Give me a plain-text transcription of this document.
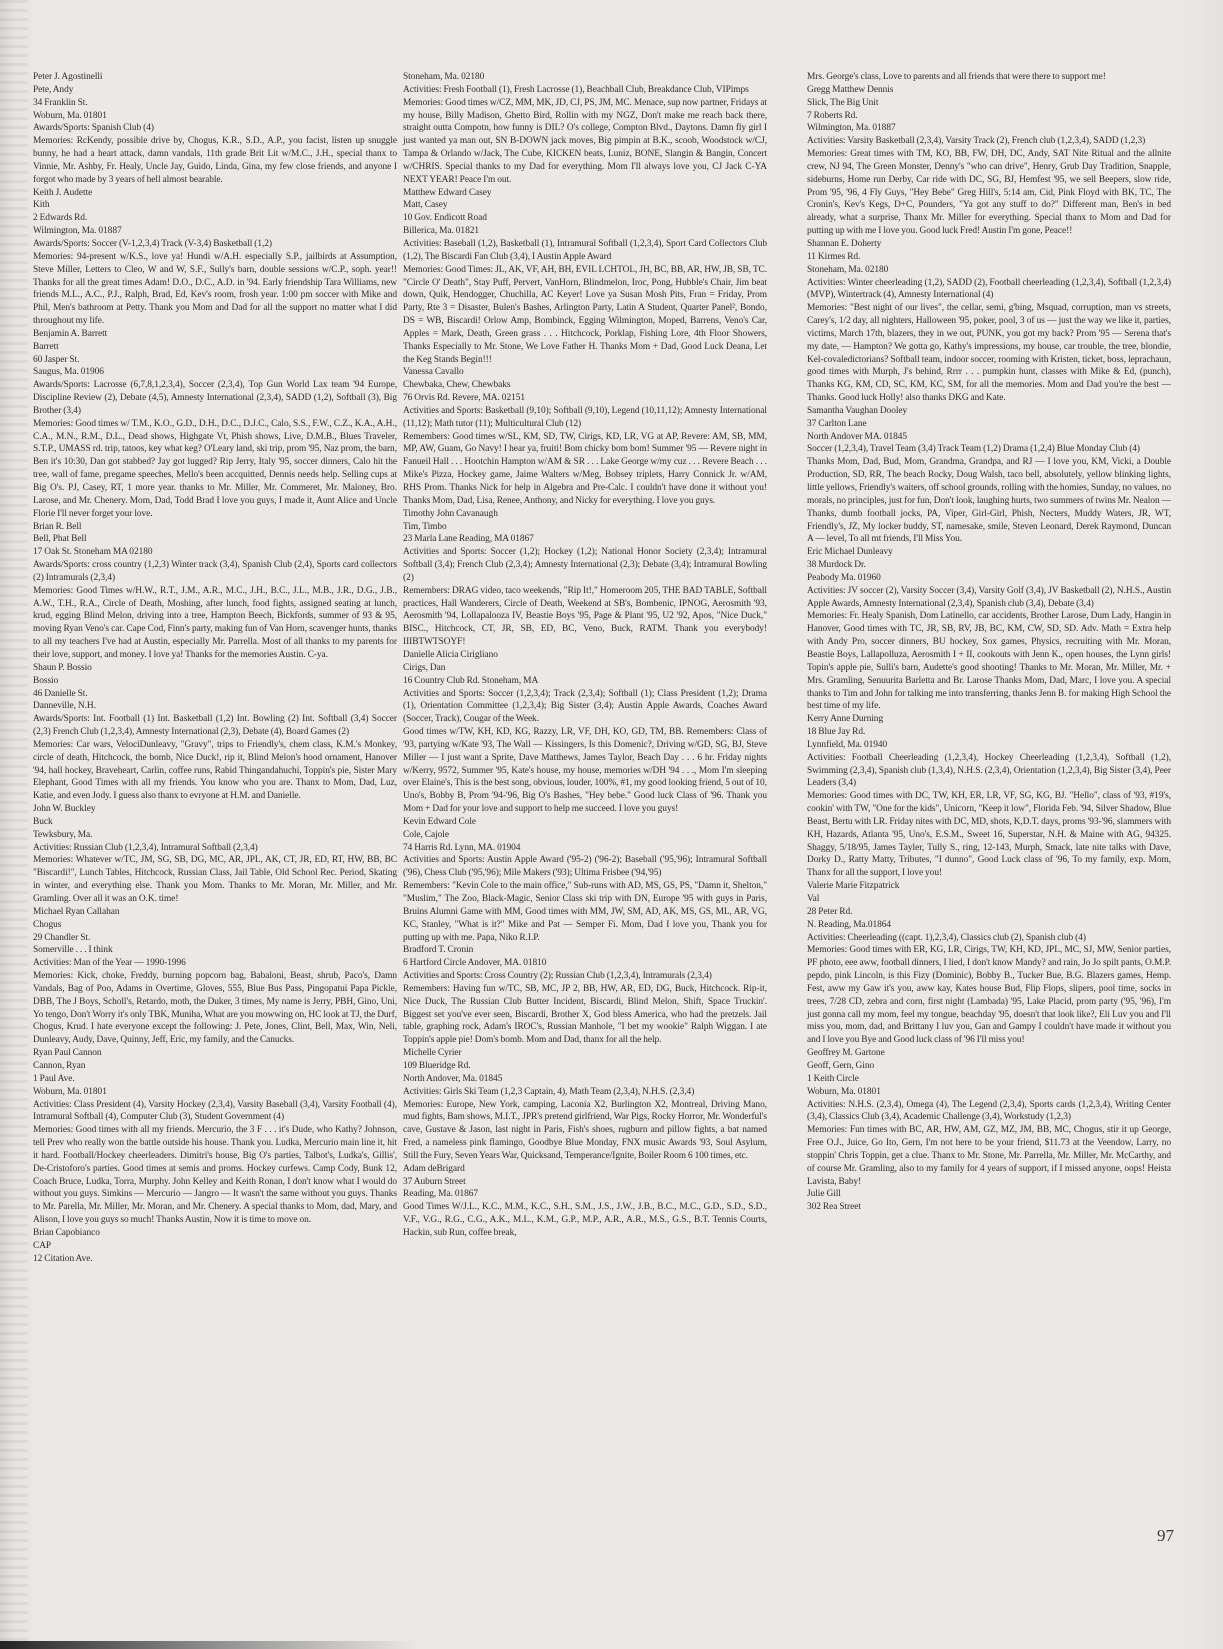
Peter J. Agostinelli

Pete, Andy

34 Franklin St.

Woburn, Ma. 01801

Awards/Sports: Spanish Club (4)

Memories: RcKendy, possible drive by, Chogus, K.R., S.D., A.P., you facist, listen up snuggle bunny, he had a heart attack, damn vandals, 11th grade Brit Lit w/M.C., J.H., special thanx to Vinnie, Mr. Ashby, Fr. Healy, Uncle Jay, Guido, Linda, Gina, my few close friends, and anyone I forgot who made by 3 years of hell almost bearable.

Keith J. Audette

Kith

2 Edwards Rd.

Wilmington, Ma. 01887

Awards/Sports: Soccer (V-1,2,3,4) Track (V-3,4) Basketball (1,2)

Memories: 94-present w/K.S., love ya! Hundi w/A.H. especially S.P., jailbirds at Assumption, Steve Miller, Letters to Cleo, W and W, S.F., Sully's barn, double sessions w/C.P., soph. year!! Thanks for all the great times Adam! D.O., D.C., A.D. in '94. Early friendship Tara Williams, new friends M.L., A.C., P.J., Ralph, Brad, Ed, Kev's room, frosh year. 1:00 pm soccer with Mike and Phil, Men's bathroom at Petty. Thank you Mom and Dad for all the support no matter what I did throughout my life.

Benjamin A. Barrett

Barrett

60 Jasper St.

Saugus, Ma. 01906

Awards/Sports: Lacrosse (6,7,8,1,2,3,4), Soccer (2,3,4), Top Gun World Lax team '94 Europe, Discipline Review (2), Debate (4,5), Amnesty International (2,3,4), SADD (1,2), Softball (3), Big Brother (3,4)

Memories: Good times w/ T.M., K.O., G.D., D.H., D.C., D.J.C., Calo, S.S., F.W., C.Z., K.A., A.H., C.A., M.N., R.M., D.L., Dead shows, Highgate Vt, Phish shows, Live, D.M.B., Blues Traveler, S.T.P., UMASS rd. trip, tatoos, key what keg? O'Leary land, ski trip, prom '95, Naz prom, the barn, Ben it's 10:30, Dan got stabbed? Jay got lugged? Rip Jerry, Italy '95, soccer dinners, Calo hit the tree, wall of fame, pregame speeches, Mello's been accquitted, Dennis needs help. Selling cups at Big O's. PJ, Casey, RT, 1 more year. thanks to Mr. Miller, Mr. Commeret, Mr. Maloney, Bro. Larose, and Mr. Chenery. Mom, Dad, Todd Brad I love you guys, I made it, Aunt Alice and Uncle Florie I'll never forget your love.

Brian R. Bell

Bell, Phat Bell

17 Oak St. Stoneham MA 02180

Awards/Sports: cross country (1,2,3) Winter track (3,4), Spanish Club (2,4), Sports card collectors (2) Intramurals (2,3,4)

Memories: Good Times w/H.W., R.T., J.M., A.R., M.C., J.H., B.C., J.L., M.B., J.R., D.G., J.B., A.W., T.H., R.A., Circle of Death, Moshing, after lunch, food fights, assigned seating at lunch, krud, egging Blind Melon, driving into a tree, Hampton Beech, Bickfords, summer of 93 & 95, moving Ryan Veno's car. Cape Cod, Finn's party, making fun of Van Horn, scavenger hunts, thanks to all my teachers I've had at Austin, especially Mr. Parrella. Most of all thanks to my parents for their love, support, and money. I love ya! Thanks for the memories Austin. C-ya.

Shaun P. Bossio

Bossio

46 Danielle St.

Danneville, N.H.

Awards/Sports: Int. Football (1) Int. Basketball (1,2) Int. Bowling (2) Int. Softball (3,4) Soccer (2,3) French Club (1,2,3,4), Amnesty International (2,3), Debate (4), Board Games (2)

Memories: Car wars, VelociDunleavy, "Gravy", trips to Friendly's, chem class, K.M.'s Monkey, circle of death, Hitchcock, the bomb, Nice Duck!, rip it, Blind Melon's hood ornament, Hanover '94, hall hockey, Braveheart, Carlin, coffee runs, Rabid Thingandahuchi, Toppin's pie, Sister Mary Elephant, Good Times with all my friends. You know who you are. Thanx to Mom, Dad, Luz, Katie, and even Jody. I guess also thanx to evryone at H.M. and Danielle.

John W. Buckley

Buck

Tewksbury, Ma.

Activities: Russian Club (1,2,3,4), Intramural Softball (2,3,4)

Memories: Whatever w/TC, JM, SG, SB, DG, MC, AR, JPL, AK, CT, JR, ED, RT, HW, BB, BC "Biscardi!", Lunch Tables, Hitchcock, Russian Class, Jail Table, Old School Rec. Period, Skating in winter, and everything else. Thank you Mom. Thanks to Mr. Moran, Mr. Miller, and Mr. Gramling. Over all it was an O.K. time!

Michael Ryan Callahan

Chogus

29 Chandler St.

Somerville . . . I think

Activities: Man of the Year — 1990-1996

Memories: Kick, choke, Freddy, burning popcorn bag, Babaloni, Beast, shrub, Paco's, Damn Vandals, Bag of Poo, Adams in Overtime, Gloves, 555, Blue Bus Pass, Pingopatui Papa Pickle, DBB, The J Boys, Scholl's, Retardo, moth, the Duker, 3 times, My name is Jerry, PBH, Gino, Uni, Yo tengo, Don't Worry it's only TBK, Muniha, What are you mowwing on, HC look at TJ, the Durf, Chogus, Krud. I hate everyone except the following: J. Pete, Jones, Clint, Bell, Max, Win, Neli, Dunleavy, Audy, Dave, Quinny, Jeff, Eric, my family, and the Canucks.

Ryan Paul Cannon

Cannon, Ryan

1 Paul Ave.

Woburn, Ma. 01801

Activities: Class President (4), Varsity Hockey (2,3,4), Varsity Baseball (3,4), Varsity Football (4), Intramural Softball (4), Computer Club (3), Student Government (4)

Memories: Good times with all my friends. Mercurio, the 3 F . . . it's Dude, who Kathy? Johnson, tell Prev who really won the battle outside his house. Thank you. Ludka, Mercurio main line it, hit it hard. Football/Hockey cheerleaders. Dimitri's house, Big O's parties, Talbot's, Ludka's, Gillis', De-Cristoforo's parties. Good times at semis and proms. Hockey curfews. Camp Cody, Bunk 12, Coach Bruce, Ludka, Torra, Murphy. John Kelley and Keith Ronan, I don't know what I would do without you guys. Simkins — Mercurio — Jangro — It wasn't the same without you guys. Thanks to Mr. Parella, Mr. Miller, Mr. Moran, and Mr. Chenery. A special thanks to Mom, dad, Mary, and Alison, I love you guys so much! Thanks Austin, Now it is time to move on.

Brian Capobianco

CAP

12 Citation Ave.

Stoneham, Ma. 02180

Activities: Fresh Football (1), Fresh Lacrosse (1), Beachball Club, Breakdance Club, VIPimps

Memories: Good times w/CZ, MM, MK, JD, CJ, PS, JM, MC. Menace, sup now partner, Fridays at my house, Billy Madison, Ghetto Bird, Rollin with my NGZ, Don't make me reach back there, straight outta Compotn, how funny is DIL? O's college, Compton Blvd., Daytons. Damn fly girl I just wanted ya man out, SN B-DOWN jack moves, Big pimpin at B.K., scoob, Woodstock w/CJ, Tampa & Orlando w/Jack, The Cube, KICKEN beats, Luniz, BONE, Slangin & Bangin, Concert w/CHRIS. Special thanks to my Dad for everything. Mom I'll always love you, CJ Jack C-YA NEXT YEAR! Peace I'm out.

Matthew Edward Casey

Matt, Casey

10 Gov. Endicott Road

Billerica, Ma. 01821

Activities: Baseball (1,2), Basketball (1), Intramural Softball (1,2,3,4), Sport Card Collectors Club (1,2), The Biscardi Fan Club (3,4), I Austin Apple Award

Memories: Good Times: JL, AK, VF, AH, BH, EVIL LCHTOL, JH, BC, BB, AR, HW, JB, SB, TC. "Circle O' Death", Stay Puff, Pervert, VanHorn, Blindmelon, Iroc, Pong, Hubble's Chair, Jim beat down, Quik, Hendogger, Chuchilla, AC Keyer! Love ya Susan Mosh Pits, Fran = Friday, Prom Party, Rte 3 = Disaster, Bulen's Bashes, Arlington Party, Latin A Student, Quarter Panel², Bondo, DS = WB, Biscardi! Orlow Amp, Bombinck, Egging Wilmington, Moped, Barrens, Veno's Car, Apples = Mark, Death, Green grass . . . Hitchcock, Porklap, Fishing Lore, 4th Floor Showers, Thanks Especially to Mr. Stone, We Love Father H. Thanks Mom + Dad, Good Luck Deana, Let the Keg Stands Begin!!!

Vanessa Cavallo

Chewbaka, Chew, Chewbaks

76 Orvis Rd. Revere, MA. 02151

Activities and Sports: Basketball (9,10); Softball (9,10), Legend (10,11,12); Amnesty International (11,12); Math tutor (11); Multicultural Club (12)

Remembers: Good times w/SL, KM, SD, TW, Cirigs, KD, LR, VG at AP, Revere: AM, SB, MM, MP, AW, Guam, Go Navy! I hear ya, fruiti! Bom chicky bom bom! Summer '95 — Revere night in Fanueil Hall . . . Hootchin Hampton w/AM & SR . . . Lake George w/my cuz . . . Revere Beach . . . Mike's Pizza, Hockey game, Jaime Walters w/Meg, Bobsey triplets, Harry Connick Jr. w/AM, RHS Prom. Thanks Nick for help in Algebra and Pre-Calc. I couldn't have done it without you! Thanks Mom, Dad, Lisa, Renee, Anthony, and Nicky for everything. I love you guys.

Timothy John Cavanaugh

Tim, Timbo

23 Marla Lane Reading, MA 01867

Activities and Sports: Soccer (1,2); Hockey (1,2); National Honor Society (2,3,4); Intramural Softball (3,4); French Club (2,3,4); Amnesty International (2,3); Debate (3,4); Intramural Bowling (2)

Remembers: DRAG video, taco weekends, "Rip It!," Homeroom 205, THE BAD TABLE, Softball practices, Hall Wanderers, Circle of Death, Weekend at SB's, Bombenic, IPNOG, Aerosmith '93, Aerosmith '94, Lollapalooza IV, Beastie Boys '95, Page & Plant '95, U2 '92, Apos, "Nice Duck," BISC., Hitchcock, CT, JR, SB, ED, BC, Veno, Buck, RATM. Thank you everybody! IIIBTWTSOYF!

Danielle Alicia Cirigliano

Cirigs, Dan

16 Country Club Rd. Stoneham, MA

Activities and Sports: Soccer (1,2,3,4); Track (2,3,4); Softball (1); Class President (1,2); Drama (1), Orientation Committee (1,2,3,4); Big Sister (3,4); Austin Apple Awards, Coaches Award (Soccer, Track), Cougar of the Week.

Good times w/TW, KH, KD, KG, Razzy, LR, VF, DH, KO, GD, TM, BB. Remembers: Class of '93, partying w/Kate '93, The Wall — Kissingers, Is this Domenic?, Driving w/GD, SG, BJ, Steve Miller — I just want a Sprite, Dave Matthews, James Taylor, Beach Day . . . 6 hr. Friday nights w/Kerry, 9572, Summer '95, Kate's house, my house, memories w/DH '94 . . ., Mom I'm sleeping over Elaine's, This is the best song, obvious, louder, 100%, #1, my good looking friend, 5 out of 10, Uno's, Bobby B, Prom '94-'96, Big O's Bashes, "Hey bebe." Good luck Class of '96. Thank you Mom + Dad for your love and support to help me succeed. I love you guys!

Kevin Edward Cole

Cole, Cajole

74 Harris Rd. Lynn, MA. 01904

Activities and Sports: Austin Apple Award ('95-2) ('96-2); Baseball ('95,'96); Intramural Softball ('96), Chess Club ('95,'96); Mile Makers ('93); Ultima Frisbee ('94,'95)

Remembers: "Kevin Cole to the main office," Sub-runs with AD, MS, GS, PS, "Damn it, Shelton," "Muslim," The Zoo, Black-Magic, Senior Class ski trip with DN, Europe '95 with guys in Paris, Bruins Alumni Game with MM, Good times with MM, JW, SM, AD, AK, MS, GS, ML, AR, VG, KC, Stanley, "What is it?" Mike and Pat — Semper Fi. Mom, Dad I love you, Thank you for putting up with me. Papa, Niko R.I.P.

Bradford T. Cronin

6 Hartford Circle Andover, MA. 01810

Activities and Sports: Cross Country (2); Russian Club (1,2,3,4), Intramurals (2,3,4)

Remembers: Having fun w/TC, SB, MC, JP 2, BB, HW, AR, ED, DG, Buck, Hitchcock. Rip-it, Nice Duck, The Russian Club Butter Incident, Biscardi, Blind Melon, Shift, Space Truckin'. Biggest set you've ever seen, Biscardi, Brother X, God bless America, who had the pretzels. Jail table, graphing rock, Adam's IROC's, Russian Manhole, "I bet my wookie" Ralph Wiggan. I ate Toppin's apple pie! Dom's bomb. Mom and Dad, thanx for all the help.

Michelle Cyrier

109 Blueridge Rd.

North Andover, Ma. 01845

Activities: Girls Ski Team (1,2,3 Captain, 4), Math Team (2,3,4), N.H.S. (2,3,4)

Memories: Europe, New York, camping, Laconia X2, Burlington X2, Montreal, Driving Mano, mud fights, Bam shows, M.I.T., JPR's pretend girlfriend, War Pigs, Rocky Horror, Mr. Wonderful's cave, Gustave & Jason, last night in Paris, Fish's shoes, rugburn and pillow fights, a bat named Fred, a nameless pink flamingo, Goodbye Blue Monday, FNX music Awards '93, Soul Asylum, Still the Fury, Seven Years War, Quicksand, Temperance/Ignite, Boiler Room 6 100 times, etc.

Adam deBrigard

37 Auburn Street

Reading, Ma. 01867

Good Times W/J.L., K.C., M.M., K.C., S.H., S.M., J.S., J.W., J.B., B.C., M.C., G.D., S.D., S.D., V.F., V.G., R.G., C.G., A.K., M.L., K.M., G.P., M.P., A.R., A.R., M.S., G.S., B.T. Tennis Courts, Hackin, sub Run, coffee break,

Mrs. George's class, Love to parents and all friends that were there to support me!

Gregg Matthew Dennis

Slick, The Big Unit

7 Roberts Rd.

Wilmington, Ma. 01887

Activities: Varsity Basketball (2,3,4), Varsity Track (2), French club (1,2,3,4), SADD (1,2,3)

Memories: Great times with TM, KO, BB, FW, DH, DC, Andy, SAT Nite Ritual and the allnite crew, NJ 94, The Green Monster, Denny's "who can drive", Henry, Grub Day Tradition, Snapple, sideburns, Home run Derby, Car ride with DC, SG, BJ, Hemfest '95, we sell Beepers, slow ride, Prom '95, '96, 4 Fly Guys, "Hey Bebe" Greg Hill's, 5:14 am, Cid, Pink Floyd with BK, TC, The Cronin's, Kev's Kegs, D+C, Pounders, "Ya got any stuff to do?" Different man, Ben's in bed already, what a surprise, Thanx Mr. Miller for everything. Special thanx to Mom and Dad for putting up with me I love you. Good luck Fred! Austin I'm gone, Peace!!

Shannan E. Doherty

11 Kirmes Rd.

Stoneham, Ma. 02180

Activities: Winter cheerleading (1,2), SADD (2), Football cheerleading (1,2,3,4), Softball (1,2,3,4) (MVP), Wintertrack (4), Amnesty International (4)

Memories: "Best night of our lives", the cellar, semi, g'bing, Msquad, corruption, man vs streets, Carey's, 1/2 day, all nighters, Halloween '95, poker, pool, 3 of us — just the way we like it, parties, victims, March 17th, blazers, they in we out, PUNK, you got my back? Prom '95 — Serena that's my date, — Hampton? We gotta go, Kathy's impressions, my house, car trouble, the tree, blondie, Kel-covaledictorians? Softball team, indoor soccer, rooming with Kristen, ticket, boss, leprachaun, good times with Murph, J's behind, Rrrr . . . pumpkin hunt, classes with Mike & Ed, (punch), Thanks KG, KM, CD, SC, KM, KC, SM, for all the memories. Mom and Dad you're the best — Thanks. Good luck Holly! also thanks DKG and Kate.

Samantha Vaughan Dooley

37 Carlton Lane

North Andover MA. 01845

Soccer (1,2,3,4), Travel Team (3,4) Track Team (1,2) Drama (1,2,4) Blue Monday Club (4)

Thanks Mom, Dad, Bud, Mom, Grandma, Grandpa, and RJ — I love you, KM, Vicki, a Double Production, SD, RR, The beach Rocky, Doug Walsh, taco bell, absolutely, yellow blinking lights, little yellows, Friendly's waiters, off school grounds, rolling with the homies, Sunday, no values, no morals, no principles, just for fun, Don't look, laughing hurts, two summers of twins Mr. Nealon — Thanks, dumb football jocks, PA, Viper, Girl-Girl, Phish, Necters, Muddy Waters, JR, WT, Friendly's, JZ, My locker buddy, ST, namesake, smile, Steven Leonard, Derek Raymond, Duncan A — level, To all mt friends, I'll Miss You.

Eric Michael Dunleavy

38 Murdock Dr.

Peabody Ma. 01960

Activities: JV soccer (2), Varsity Soccer (3,4), Varsity Golf (3,4), JV Basketball (2), N.H.S., Austin Apple Awards, Amnesty International (2,3,4), Spanish club (3,4), Debate (3,4)

Memories: Fr. Healy Spanish, Dom Latinello, car accidents, Brother Larose, Dum Lady, Hangin in Hanover, Good times with TC, JR, SB, RV, JB, BC, KM, CW, SD, SD. Adv. Math = Extra help with Andy Pro, soccer dinners, BU hockey, Sox games, Physics, recruiting with Mr. Moran, Beastie Boys, Lallapolluza, Aerosmith I + II, cookouts with Jenn K., open houses, the Lynn girls! Topin's apple pie, Sulli's barn, Audette's good shooting! Thanks to Mr. Moran, Mr. Miller, Mr. + Mrs. Gramling, Senuurita Barletta and Br. Larose Thanks Mom, Dad, Marc, I love you. A special thanks to Tim and John for talking me into transferring, thanks Jenn B. for making High School the best time of my life.

Kerry Anne Durning

18 Blue Jay Rd.

Lynnfield, Ma. 01940

Activities: Football Cheerleading (1,2,3,4), Hockey Cheerleading (1,2,3,4), Softball (1,2), Swimming (2,3,4), Spanish club (1,3,4), N.H.S. (2,3,4), Orientation (1,2,3,4), Big Sister (3,4), Peer Leaders (3,4)

Memories: Good times with DC, TW, KH, ER, LR, VF, SG, KG, BJ. "Hello", class of '93, #19's, cookin' with TW, "One for the kids", Unicorn, "Keep it low", Florida Feb. '94, Silver Shadow, Blue Beast, Bertu with LR. Friday nites with DC, MD, shots, K,D.T. days, proms '93-'96, slammers with KH, Hazards, Atlanta '95, Uno's, E.S.M., Sweet 16, Superstar, N.H. & Maine with AG, 94325. Shaggy, 5/18/95, James Tayler, Tully S., ring, 12-143, Murph, Smack, late nite talks with Dave, Dorky D., Ratty Matty, Tributes, "I dunno", Good Luck class of '96, To my family, exp. Mom, Thanx for all the support, I love you!

Valerie Marie Fitzpatrick

Val

28 Peter Rd.

N. Reading, Ma.01864

Activities: Cheerleading ((capt. 1),2,3,4), Classics club (2), Spanish club (4)

Memories: Good times with ER, KG, LR, Cirigs, TW, KH, KD, JPL, MC, SJ, MW, Senior parties, PF photo, eee aww, football dinners, I lied, I don't know Mandy? and rain, Jo Jo spilt pants, O.M.P. pepdo, pink Lincoln, is this Fizy (Dominic), Bobby B., Tucker Bue, B.G. Blazers games, Hemp. Fest, aww my Gaw it's you, aww kay, Kates house Bud, Flip Flops, slipers, pool time, socks in trees, 7/28 CD, zebra and corn, first night (Lambada) '95, Lake Placid, prom party ('95, '96), I'm just gonna call my mom, feel my tongue, beachday '95, doesn't that look like?, Eli Luv you and I'll miss you, mom, dad, and Brittany I luv you, Gan and Gampy I couldn't have made it without you and I love you Bye and Good luck class of '96 I'll miss you!

Geoffrey M. Gartone

Geoff, Gern, Gino

1 Keith Circle

Woburn, Ma. 01801

Activities: N.H.S. (2,3,4), Omega (4), The Legend (2,3,4), Sports cards (1,2,3,4), Writing Center (3,4), Classics Club (3,4), Academic Challenge (3,4), Workstudy (1,2,3)

Memories: Fun times with BC, AR, HW, AM, GZ, MZ, JM, BB, MC, Chogus, stir it up George, Free O.J., Juice, Go Ito, Gern, I'm not here to be your friend, $11.73 at the Veendow, Larry, no stoppin' Chris Toppin, get a clue. Thanx to Mr. Stone, Mr. Parrella, Mr. Miller, Mr. McCarthy, and of course Mr. Gramling, also to my family for 4 years of support, if I missed anyone, oops! Heista Lavista, Baby!

Julie Gill

302 Rea Street

97
